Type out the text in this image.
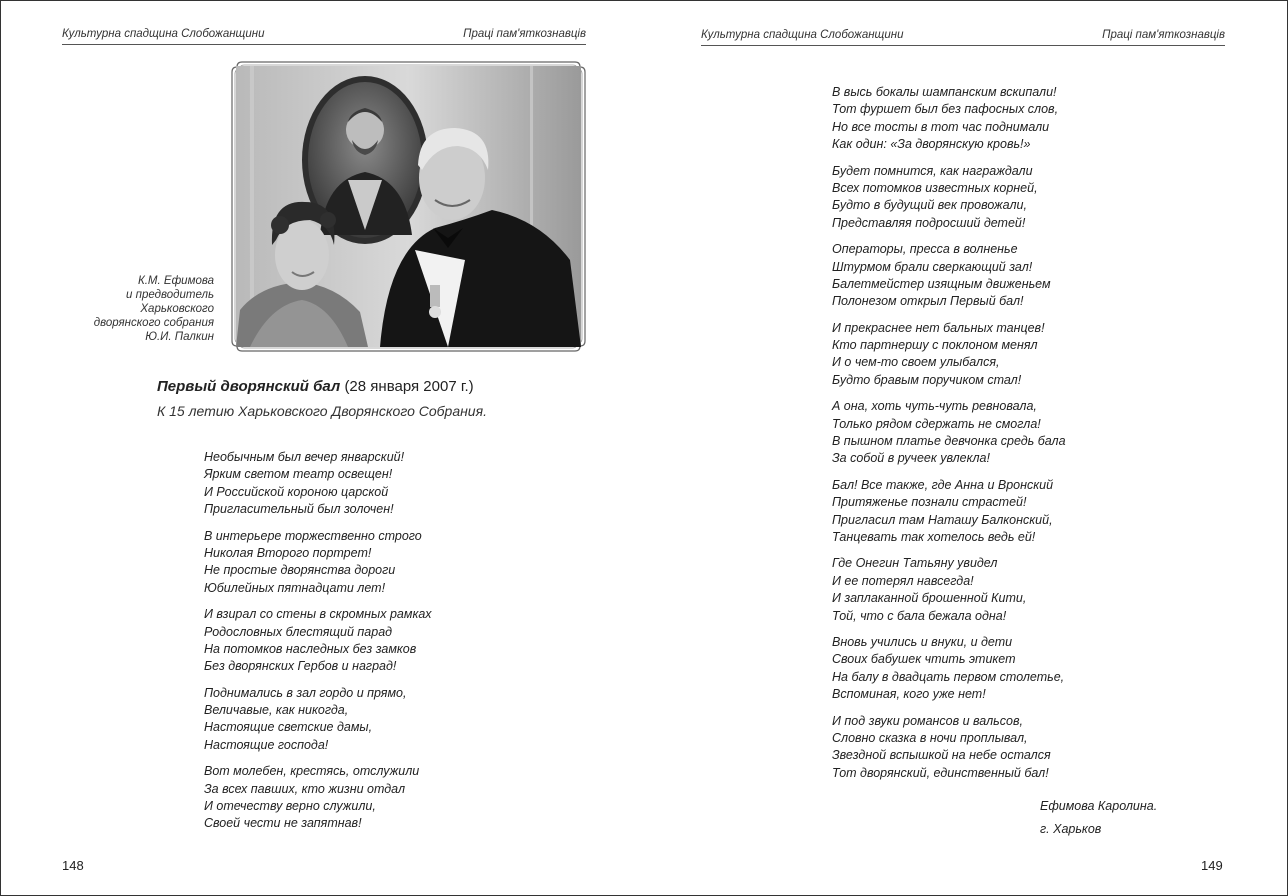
Культурна спадщина Слобожанщини	Праці пам'яткознавців
К.М. Ефимова
и предводитель
Харьковского
дворянского собрания
Ю.И. Палкин
Первый дворянский бал (28 января 2007 г.)
К 15 летию Харьковского Дворянского Собрания.
Необычным был вечер январский!
Ярким светом театр освещен!
И Российской короною царской
Пригласительный был золочен!
В интерьере торжественно строго
Николая Второго портрет!
Не простые дворянства дороги
Юбилейных пятнадцати лет!
И взирал со стены в скромных рамках
Родословных блестящий парад
На потомков наследных без замков
Без дворянских Гербов и наград!
Поднимались в зал гордо и прямо,
Величавые, как никогда,
Настоящие светские дамы,
Настоящие господа!
Вот молебен, крестясь, отслужили
За всех павших, кто жизни отдал
И отечеству верно служили,
Своей чести не запятнав!
148
Культурна спадщина Слобожанщини	Праці пам'яткознавців
В высь бокалы шампанским вскипали!
Тот фуршет был без пафосных слов,
Но все тосты в тот час поднимали
Как один: «За дворянскую кровь!»
Будет помнится, как награждали
Всех потомков известных корней,
Будто в будущий век провожали,
Представляя подросший детей!
Операторы, пресса в волненье
Штурмом брали сверкающий зал!
Балетмейстер изящным движеньем
Полонезом открыл Первый бал!
И прекраснее нет бальных танцев!
Кто партнершу с поклоном менял
И о чем-то своем улыбался,
Будто бравым поручиком стал!
А она, хоть чуть-чуть ревновала,
Только рядом сдержать не смогла!
В пышном платье девчонка средь бала
За собой в ручеек увлекла!
Бал! Все также, где Анна и Вронский
Притяженье познали страстей!
Пригласил там Наташу Балконский,
Танцевать так хотелось ведь ей!
Где Онегин Татьяну увидел
И ее потерял навсегда!
И заплаканной брошенной Кити,
Той, что с бала бежала одна!
Вновь учились и внуки, и дети
Своих бабушек чтить этикет
На балу в двадцать первом столетье,
Вспоминая, кого уже нет!
И под звуки романсов и вальсов,
Словно сказка в ночи проплывал,
Звездной вспышкой на небе остался
Тот дворянский, единственный бал!
Ефимова Каролина.
г. Харьков
149
